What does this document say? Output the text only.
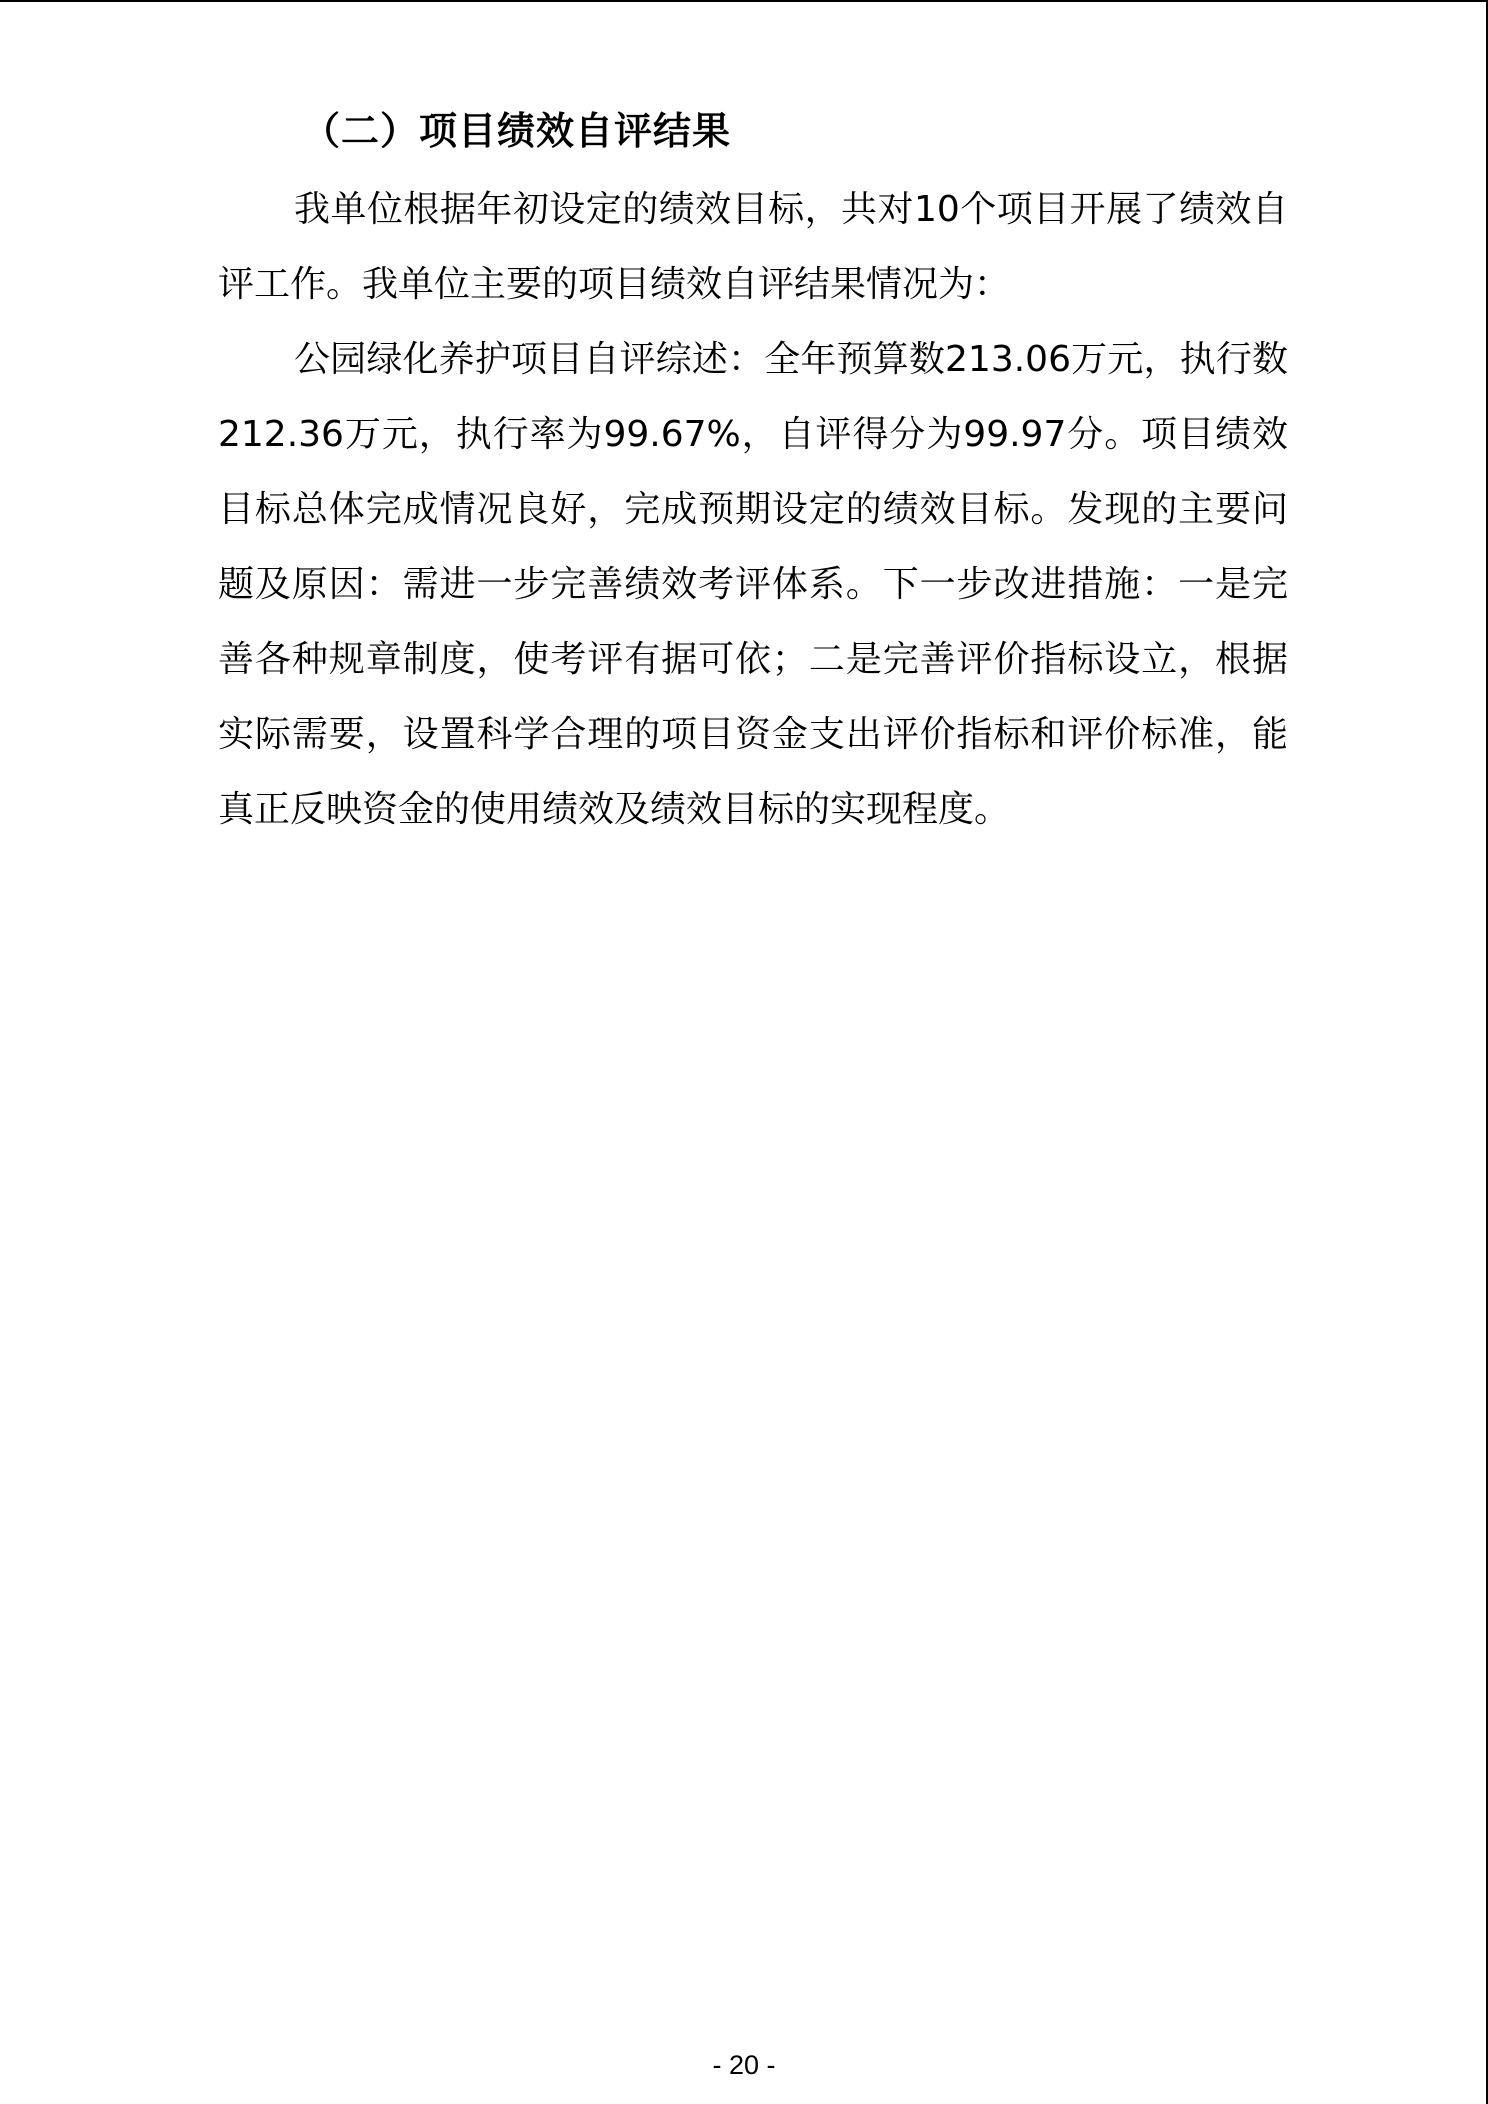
（二）项目绩效自评结果

我单位根据年初设定的绩效目标，共对10个项目开展了绩效自评工作。我单位主要的项目绩效自评结果情况为：

公园绿化养护项目自评综述：全年预算数213.06万元，执行数212.36万元，执行率为99.67%，自评得分为99.97分。项目绩效目标总体完成情况良好，完成预期设定的绩效目标。发现的主要问题及原因：需进一步完善绩效考评体系。下一步改进措施：一是完善各种规章制度，使考评有据可依；二是完善评价指标设立，根据实际需要，设置科学合理的项目资金支出评价指标和评价标准，能真正反映资金的使用绩效及绩效目标的实现程度。

- 20 -
